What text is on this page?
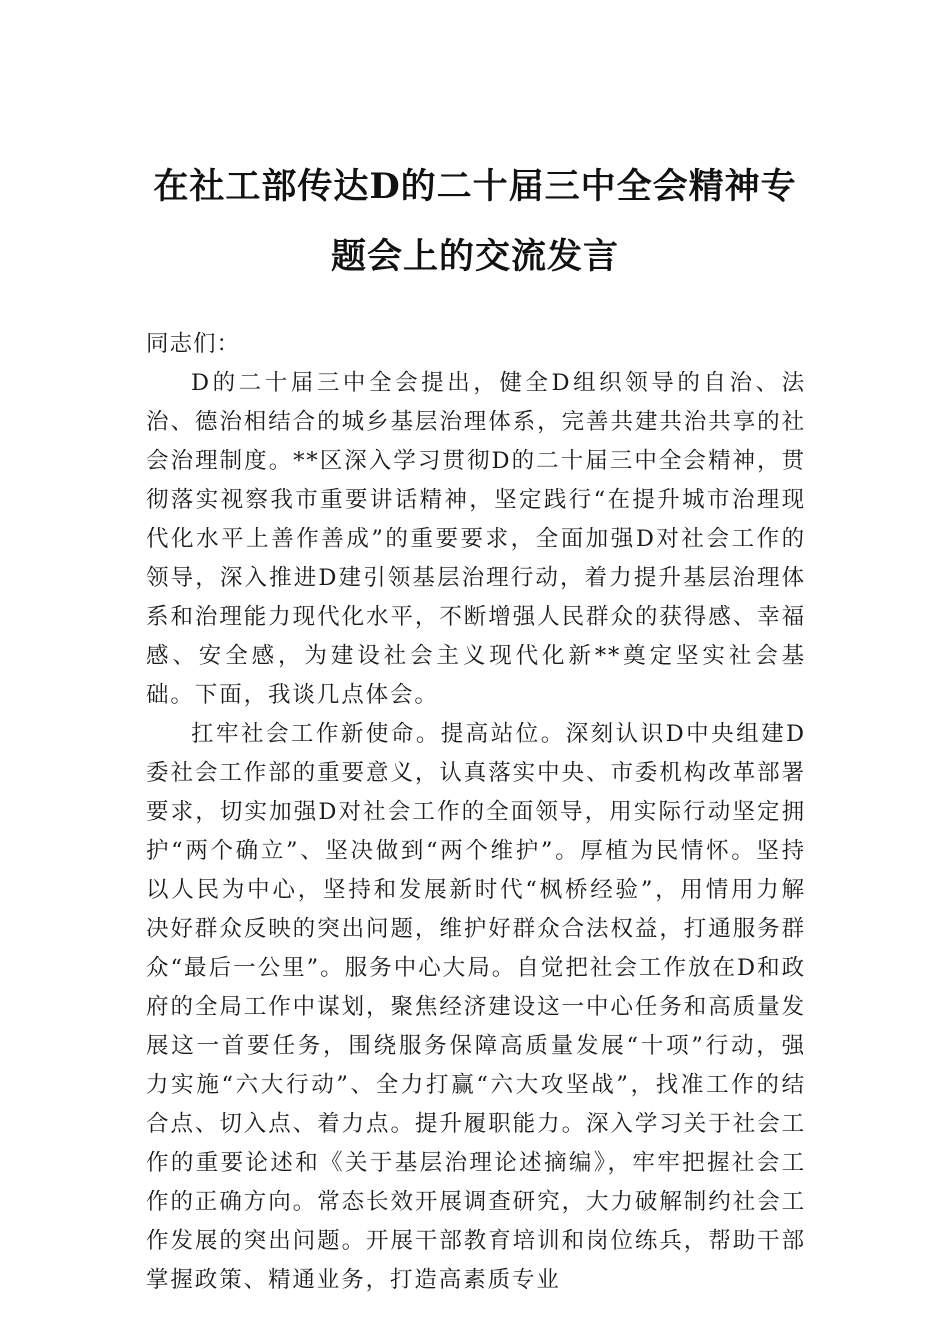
在社工部传达D的二十届三中全会精神专题会上的交流发言

同志们：

D的二十届三中全会提出，健全D组织领导的自治、法治、德治相结合的城乡基层治理体系，完善共建共治共享的社会治理制度。**区深入学习贯彻D的二十届三中全会精神，贯彻落实视察我市重要讲话精神，坚定践行“在提升城市治理现代化水平上善作善成”的重要要求，全面加强D对社会工作的领导，深入推进D建引领基层治理行动，着力提升基层治理体系和治理能力现代化水平，不断增强人民群众的获得感、幸福感、安全感，为建设社会主义现代化新**奠定坚实社会基础。下面，我谈几点体会。

扛牢社会工作新使命。提高站位。深刻认识D中央组建D委社会工作部的重要意义，认真落实中央、市委机构改革部署要求，切实加强D对社会工作的全面领导，用实际行动坚定拥护“两个确立”、坚决做到“两个维护”。厚植为民情怀。坚持以人民为中心，坚持和发展新时代“枫桥经验”，用情用力解决好群众反映的突出问题，维护好群众合法权益，打通服务群众“最后一公里”。服务中心大局。自觉把社会工作放在D和政府的全局工作中谋划，聚焦经济建设这一中心任务和高质量发展这一首要任务，围绕服务保障高质量发展“十项”行动，强力实施“六大行动”、全力打赢“六大攻坚战”，找准工作的结合点、切入点、着力点。提升履职能力。深入学习关于社会工作的重要论述和《关于基层治理论述摘编》，牢牢把握社会工作的正确方向。常态长效开展调查研究，大力破解制约社会工作发展的突出问题。开展干部教育培训和岗位练兵，帮助干部掌握政策、精通业务，打造高素质专业
